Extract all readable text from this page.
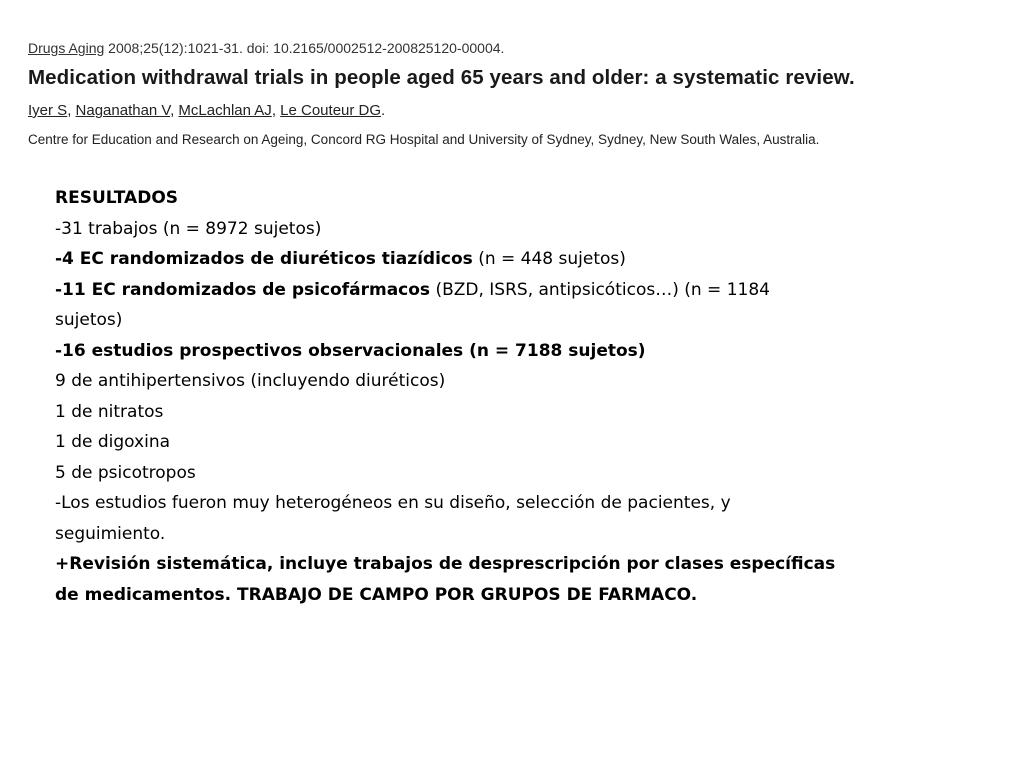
Drugs Aging 2008;25(12):1021-31. doi: 10.2165/0002512-200825120-00004.
Medication withdrawal trials in people aged 65 years and older: a systematic review.
Iyer S, Naganathan V, McLachlan AJ, Le Couteur DG.
Centre for Education and Research on Ageing, Concord RG Hospital and University of Sydney, Sydney, New South Wales, Australia.
RESULTADOS
-31 trabajos (n = 8972 sujetos)
-4 EC randomizados de diuréticos tiazídicos (n = 448 sujetos)
-11 EC randomizados de psicofármacos (BZD, ISRS, antipsicóticos…) (n = 1184
sujetos)
-16 estudios prospectivos observacionales (n = 7188 sujetos)
9 de antihipertensivos (incluyendo diuréticos)
1 de nitratos
1 de digoxina
5 de psicotropos
-Los estudios fueron muy heterogéneos en su diseño, selección de pacientes, y
seguimiento.
+Revisión sistemática, incluye trabajos de desprescripción por clases específicas
de medicamentos. TRABAJO DE CAMPO POR GRUPOS DE FARMACO.
